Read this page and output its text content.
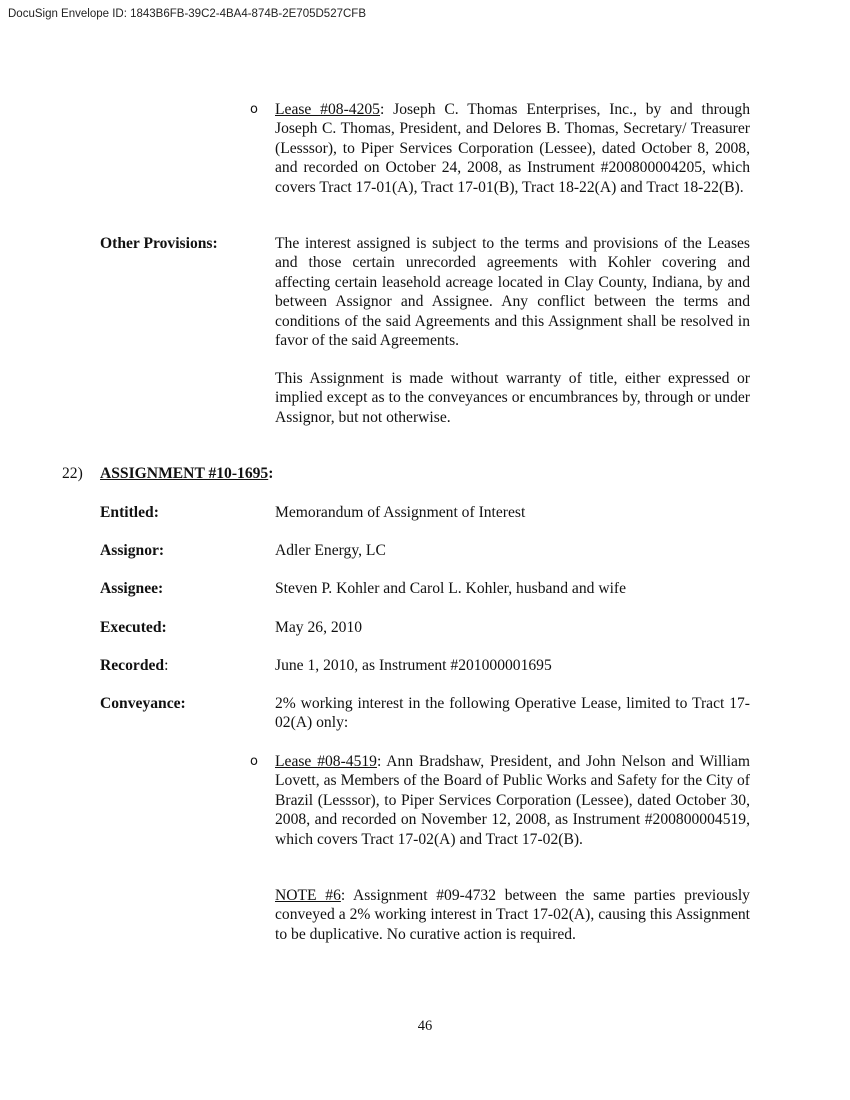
DocuSign Envelope ID: 1843B6FB-39C2-4BA4-874B-2E705D527CFB
o Lease #08-4205: Joseph C. Thomas Enterprises, Inc., by and through Joseph C. Thomas, President, and Delores B. Thomas, Secretary/ Treasurer (Lesssor), to Piper Services Corporation (Lessee), dated October 8, 2008, and recorded on October 24, 2008, as Instrument #200800004205, which covers Tract 17-01(A), Tract 17-01(B), Tract 18-22(A) and Tract 18-22(B).
Other Provisions:	The interest assigned is subject to the terms and provisions of the Leases and those certain unrecorded agreements with Kohler covering and affecting certain leasehold acreage located in Clay County, Indiana, by and between Assignor and Assignee. Any conflict between the terms and conditions of the said Agreements and this Assignment shall be resolved in favor of the said Agreements.
This Assignment is made without warranty of title, either expressed or implied except as to the conveyances or encumbrances by, through or under Assignor, but not otherwise.
22) ASSIGNMENT #10-1695:
Entitled:	Memorandum of Assignment of Interest
Assignor:	Adler Energy, LC
Assignee:	Steven P. Kohler and Carol L. Kohler, husband and wife
Executed:	May 26, 2010
Recorded:	June 1, 2010, as Instrument #201000001695
Conveyance:	2% working interest in the following Operative Lease, limited to Tract 17-02(A) only:
o Lease #08-4519: Ann Bradshaw, President, and John Nelson and William Lovett, as Members of the Board of Public Works and Safety for the City of Brazil (Lesssor), to Piper Services Corporation (Lessee), dated October 30, 2008, and recorded on November 12, 2008, as Instrument #200800004519, which covers Tract 17-02(A) and Tract 17-02(B).
NOTE #6: Assignment #09-4732 between the same parties previously conveyed a 2% working interest in Tract 17-02(A), causing this Assignment to be duplicative. No curative action is required.
46
